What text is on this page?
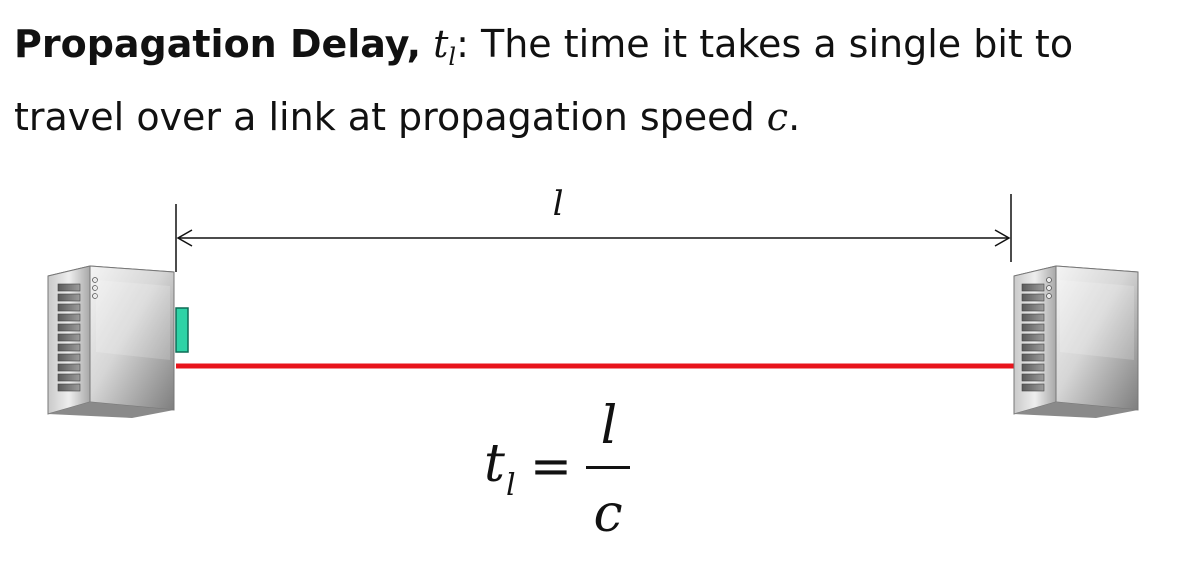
Propagation Delay, $t_l$: The time it takes a single bit to
travel over a link at propagation speed c.
l
t l =
l
c
